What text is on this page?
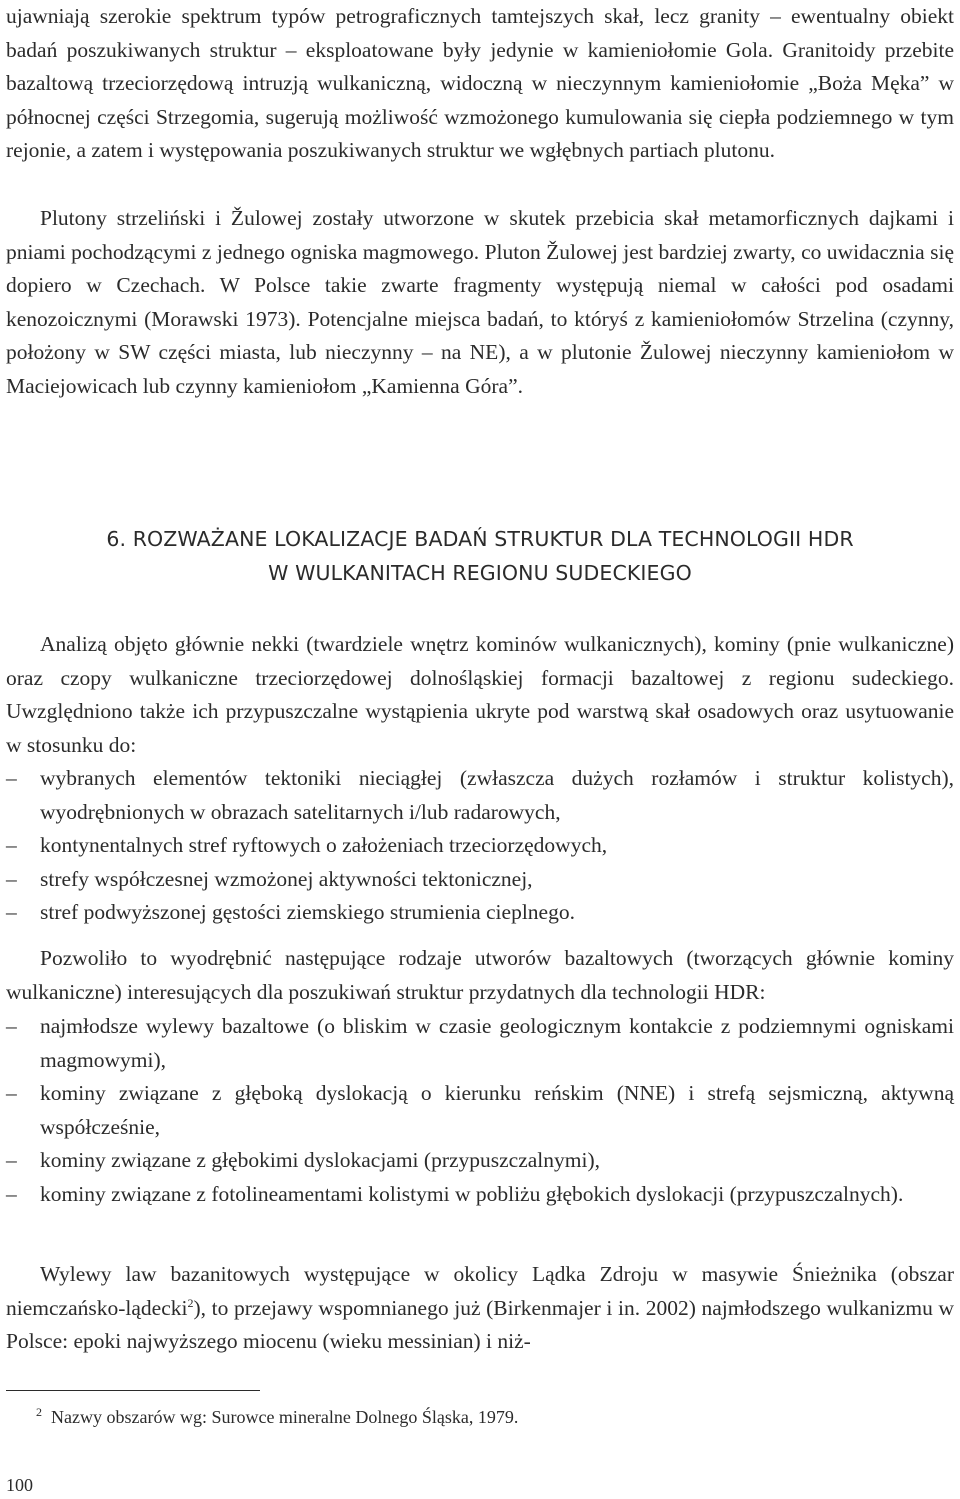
ujawniają szerokie spektrum typów petrograficznych tamtejszych skał, lecz granity – ewentualny obiekt badań poszukiwanych struktur – eksploatowane były jedynie w kamieniołomie Gola. Granitoidy przebite bazaltową trzeciorzędową intruzją wulkaniczną, widoczną w nieczynnym kamieniołomie „Boża Męka” w północnej części Strzegomia, sugerują możliwość wzmożonego kumulowania się ciepła podziemnego w tym rejonie, a zatem i występowania poszukiwanych struktur we wgłębnych partiach plutonu.

Plutony strzeliński i Žulowej zostały utworzone w skutek przebicia skał metamorficznych dajkami i pniami pochodzącymi z jednego ogniska magmowego. Pluton Žulowej jest bardziej zwarty, co uwidacznia się dopiero w Czechach. W Polsce takie zwarte fragmenty występują niemal w całości pod osadami kenozoicznymi (Morawski 1973). Potencjalne miejsca badań, to któryś z kamieniołomów Strzelina (czynny, położony w SW części miasta, lub nieczynny – na NE), a w plutonie Žulowej nieczynny kamieniołom w Maciejowicach lub czynny kamieniołom „Kamienna Góra”.

6. ROZWAŻANE LOKALIZACJE BADAŃ STRUKTUR DLA TECHNOLOGII HDR
W WULKANITACH REGIONU SUDECKIEGO

Analizą objęto głównie nekki (twardziele wnętrz kominów wulkanicznych), kominy (pnie wulkaniczne) oraz czopy wulkaniczne trzeciorzędowej dolnośląskiej formacji bazaltowej z regionu sudeckiego. Uwzględniono także ich przypuszczalne wystąpienia ukryte pod warstwą skał osadowych oraz usytuowanie w stosunku do:

– wybranych elementów tektoniki nieciągłej (zwłaszcza dużych rozłamów i struktur kolistych), wyodrębnionych w obrazach satelitarnych i/lub radarowych,
– kontynentalnych stref ryftowych o założeniach trzeciorzędowych,
– strefy współczesnej wzmożonej aktywności tektonicznej,
– stref podwyższonej gęstości ziemskiego strumienia cieplnego.

Pozwoliło to wyodrębnić następujące rodzaje utworów bazaltowych (tworzących głównie kominy wulkaniczne) interesujących dla poszukiwań struktur przydatnych dla technologii HDR:

– najmłodsze wylewy bazaltowe (o bliskim w czasie geologicznym kontakcie z podziemnymi ogniskami magmowymi),
– kominy związane z głęboką dyslokacją o kierunku reńskim (NNE) i strefą sejsmiczną, aktywną współcześnie,
– kominy związane z głębokimi dyslokacjami (przypuszczalnymi),
– kominy związane z fotolineamentami kolistymi w pobliżu głębokich dyslokacji (przypuszczalnych).

Wylewy law bazanitowych występujące w okolicy Lądka Zdroju w masywie Śnieżnika (obszar niemczańsko-lądecki$^2$), to przejawy wspomnianego już (Birkenmajer i in. 2002) najmłodszego wulkanizmu w Polsce: epoki najwyższego miocenu (wieku messinian) i niż-

$^2$ Nazwy obszarów wg: Surowce mineralne Dolnego Śląska, 1979.
100
